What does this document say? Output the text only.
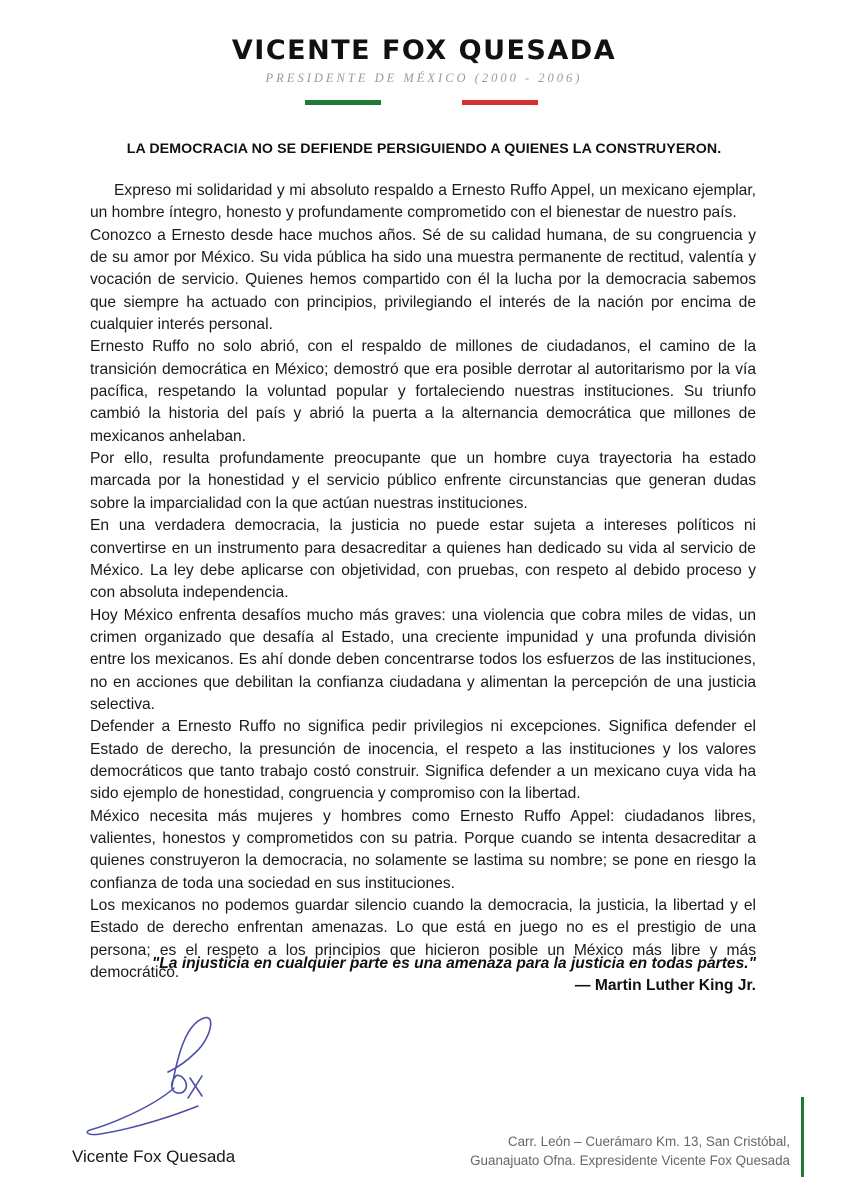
VICENTE FOX QUESADA
PRESIDENTE DE MÉXICO (2000 - 2006)
LA DEMOCRACIA NO SE DEFIENDE PERSIGUIENDO A QUIENES LA CONSTRUYERON.

Expreso mi solidaridad y mi absoluto respaldo a Ernesto Ruffo Appel, un mexicano ejemplar, un hombre íntegro, honesto y profundamente comprometido con el bienestar de nuestro país.

Conozco a Ernesto desde hace muchos años. Sé de su calidad humana, de su congruencia y de su amor por México. Su vida pública ha sido una muestra permanente de rectitud, valentía y vocación de servicio. Quienes hemos compartido con él la lucha por la democracia sabemos que siempre ha actuado con principios, privilegiando el interés de la nación por encima de cualquier interés personal.

Ernesto Ruffo no solo abrió, con el respaldo de millones de ciudadanos, el camino de la transición democrática en México; demostró que era posible derrotar al autoritarismo por la vía pacífica, respetando la voluntad popular y fortaleciendo nuestras instituciones. Su triunfo cambió la historia del país y abrió la puerta a la alternancia democrática que millones de mexicanos anhelaban.

Por ello, resulta profundamente preocupante que un hombre cuya trayectoria ha estado marcada por la honestidad y el servicio público enfrente circunstancias que generan dudas sobre la imparcialidad con la que actúan nuestras instituciones.

En una verdadera democracia, la justicia no puede estar sujeta a intereses políticos ni convertirse en un instrumento para desacreditar a quienes han dedicado su vida al servicio de México. La ley debe aplicarse con objetividad, con pruebas, con respeto al debido proceso y con absoluta independencia.

Hoy México enfrenta desafíos mucho más graves: una violencia que cobra miles de vidas, un crimen organizado que desafía al Estado, una creciente impunidad y una profunda división entre los mexicanos. Es ahí donde deben concentrarse todos los esfuerzos de las instituciones, no en acciones que debilitan la confianza ciudadana y alimentan la percepción de una justicia selectiva.

Defender a Ernesto Ruffo no significa pedir privilegios ni excepciones. Significa defender el Estado de derecho, la presunción de inocencia, el respeto a las instituciones y los valores democráticos que tanto trabajo costó construir. Significa defender a un mexicano cuya vida ha sido ejemplo de honestidad, congruencia y compromiso con la libertad.

México necesita más mujeres y hombres como Ernesto Ruffo Appel: ciudadanos libres, valientes, honestos y comprometidos con su patria. Porque cuando se intenta desacreditar a quienes construyeron la democracia, no solamente se lastima su nombre; se pone en riesgo la confianza de toda una sociedad en sus instituciones.

Los mexicanos no podemos guardar silencio cuando la democracia, la justicia, la libertad y el Estado de derecho enfrentan amenazas. Lo que está en juego no es el prestigio de una persona; es el respeto a los principios que hicieron posible un México más libre y más democrático.

"La injusticia en cualquier parte es una amenaza para la justicia en todas partes."
— Martin Luther King Jr.
Vicente Fox Quesada
Carr. León – Cuerámaro Km. 13, San Cristóbal,
Guanajuato Ofna. Expresidente Vicente Fox Quesada
